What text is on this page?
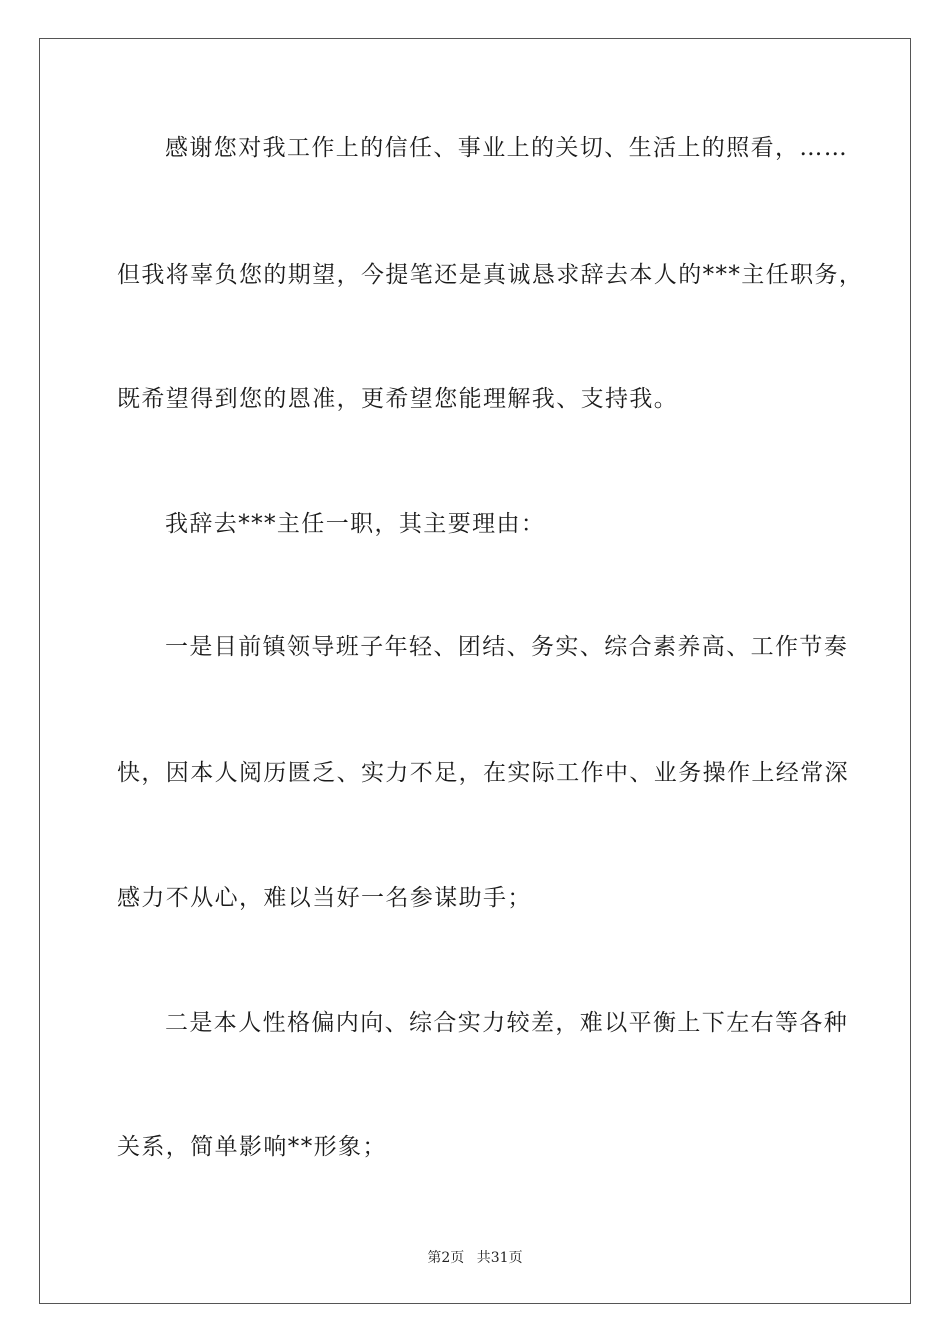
感谢您对我工作上的信任、事业上的关切、生活上的照看，……
但我将辜负您的期望，今提笔还是真诚恳求辞去本人的***主任职务，
既希望得到您的恩准，更希望您能理解我、支持我。
我辞去***主任一职，其主要理由：
一是目前镇领导班子年轻、团结、务实、综合素养高、工作节奏
快，因本人阅历匮乏、实力不足，在实际工作中、业务操作上经常深
感力不从心，难以当好一名参谋助手；
二是本人性格偏内向、综合实力较差，难以平衡上下左右等各种
关系，简单影响**形象；
第2页 共31页
